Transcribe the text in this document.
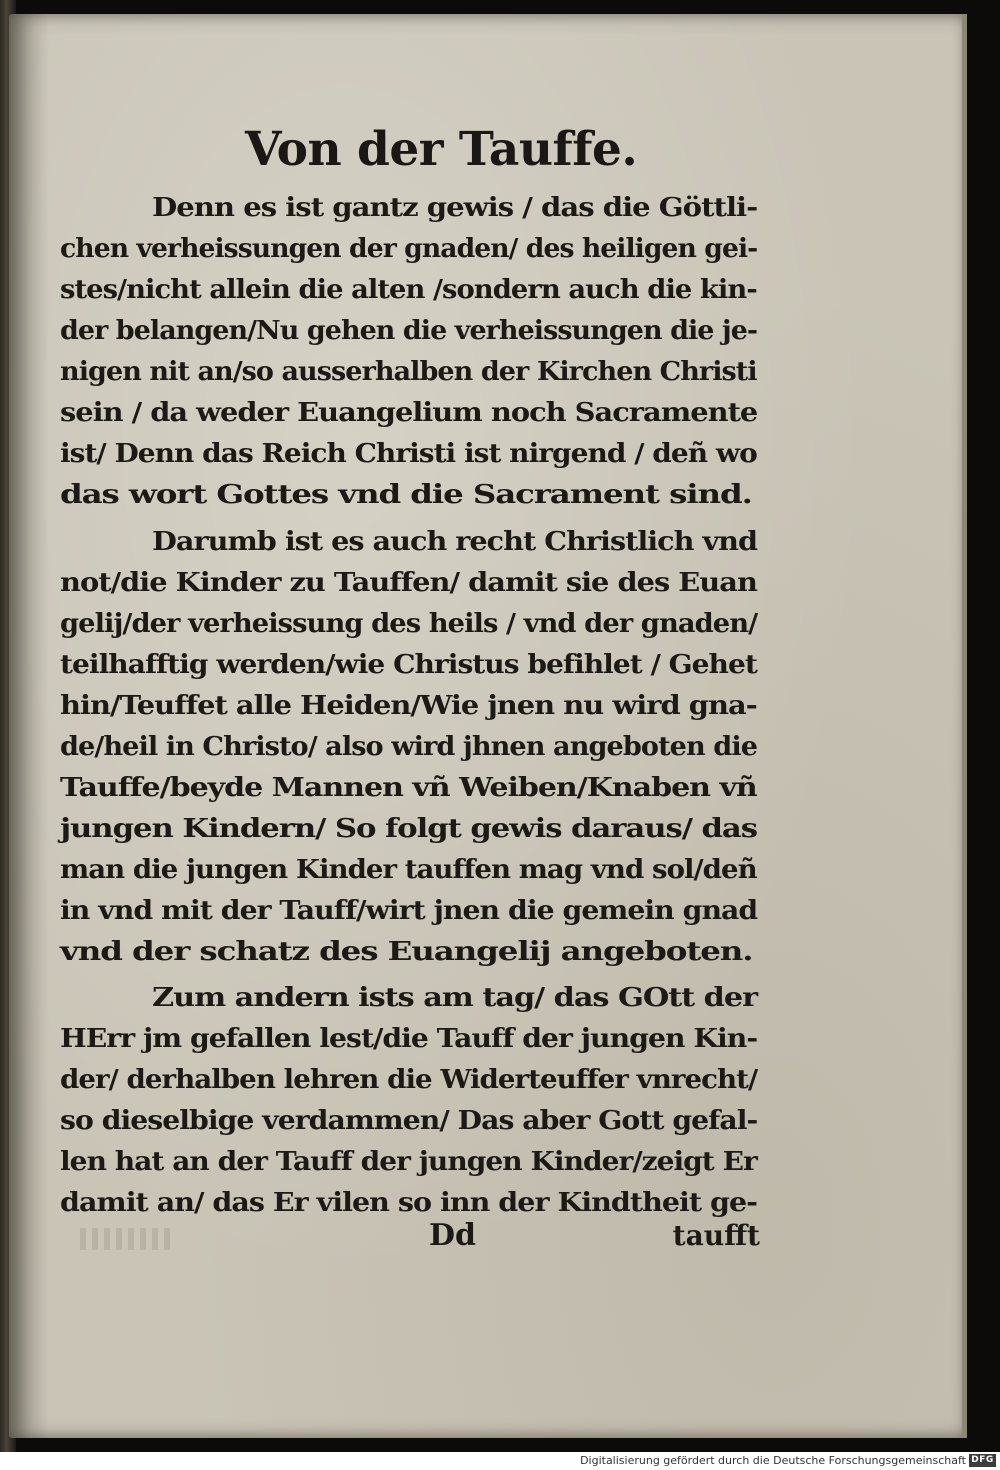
Von der Tauffe.
Denn es ist gantz gewis / das die Göttli-
chen verheissungen der gnaden/ des heiligen gei-
stes/nicht allein die alten /sondern auch die kin-
der belangen/Nu gehen die verheissungen die je-
nigen nit an/so ausserhalben der Kirchen Christi
sein / da weder Euangelium noch Sacramente
ist/ Denn das Reich Christi ist nirgend / deñ wo
das wort Gottes vnd die Sacrament sind.
Darumb ist es auch recht Christlich vnd
not/die Kinder zu Tauffen/ damit sie des Euan
gelij/der verheissung des heils / vnd der gnaden/
teilhafftig werden/wie Christus befihlet / Gehet
hin/Teuffet alle Heiden/Wie jnen nu wird gna-
de/heil in Christo/ also wird jhnen angeboten die
Tauffe/beyde Mannen vñ Weiben/Knaben vñ
jungen Kindern/ So folgt gewis daraus/ das
man die jungen Kinder tauffen mag vnd sol/deñ
in vnd mit der Tauff/wirt jnen die gemein gnad
vnd der schatz des Euangelij angeboten.
Zum andern ists am tag/ das GOtt der
HErr jm gefallen lest/die Tauff der jungen Kin-
der/ derhalben lehren die Widerteuffer vnrecht/
so dieselbige verdammen/ Das aber Gott gefal-
len hat an der Tauff der jungen Kinder/zeigt Er
damit an/ das Er vilen so inn der Kindtheit ge-
Dd	taufft
Digitalisierung gefördert durch die Deutsche Forschungsgemeinschaft DFG
